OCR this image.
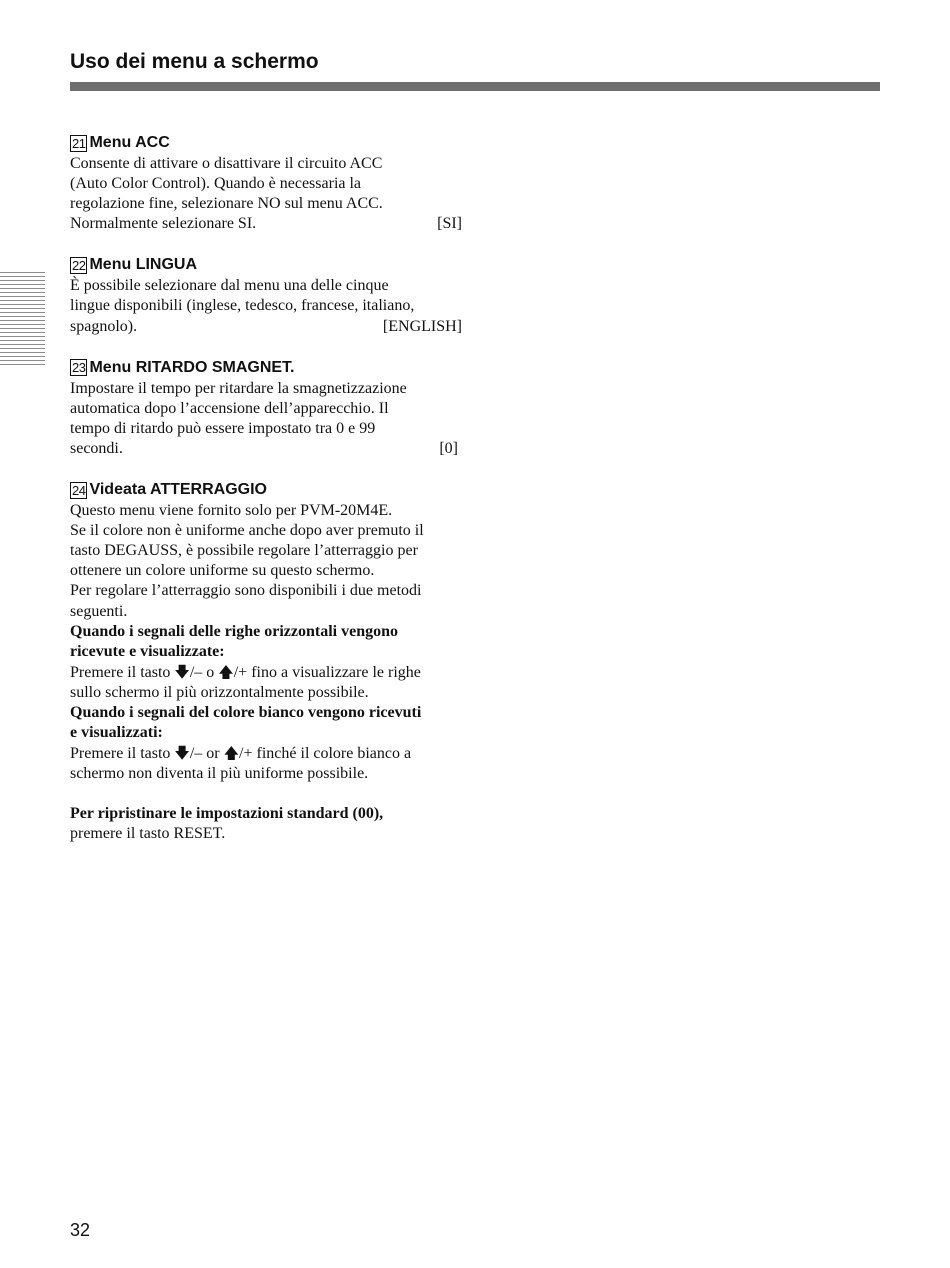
Uso dei menu a schermo
21 Menu ACC
Consente di attivare o disattivare il circuito ACC
(Auto Color Control). Quando è necessaria la
regolazione fine, selezionare NO sul menu ACC.
Normalmente selezionare SI.	[SI]
22 Menu LINGUA
È possibile selezionare dal menu una delle cinque
lingue disponibili (inglese, tedesco, francese, italiano,
spagnolo).	[ENGLISH]
23 Menu RITARDO SMAGNET.
Impostare il tempo per ritardare la smagnetizzazione
automatica dopo l’accensione dell’apparecchio. Il
tempo di ritardo può essere impostato tra 0 e 99
secondi.	[0]
24 Videata ATTERRAGGIO
Questo menu viene fornito solo per PVM-20M4E.
Se il colore non è uniforme anche dopo aver premuto il
tasto DEGAUSS, è possibile regolare l’atterraggio per
ottenere un colore uniforme su questo schermo.
Per regolare l’atterraggio sono disponibili i due metodi
seguenti.
Quando i segnali delle righe orizzontali vengono
ricevute e visualizzate:
Premere il tasto 🡇/– o 🡅/+ fino a visualizzare le righe
sullo schermo il più orizzontalmente possibile.
Quando i segnali del colore bianco vengono ricevuti
e visualizzati:
Premere il tasto 🡇/– or 🡅/+ finché il colore bianco a
schermo non diventa il più uniforme possibile.
Per ripristinare le impostazioni standard (00),
premere il tasto RESET.
32
